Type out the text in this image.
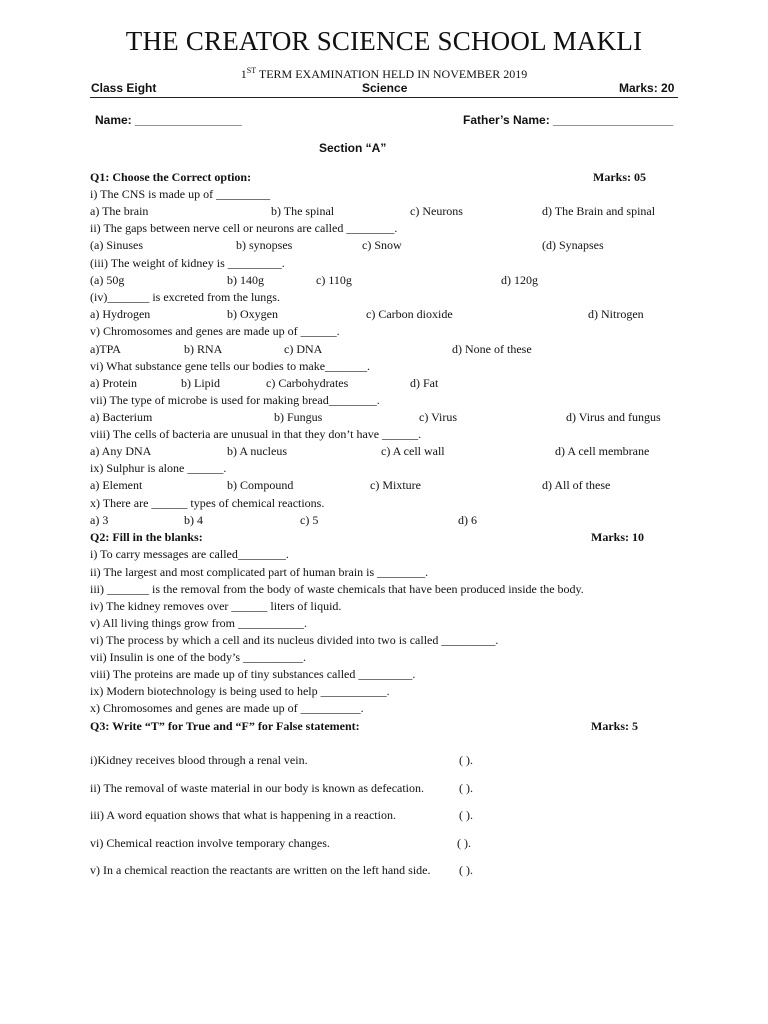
THE CREATOR SCIENCE SCHOOL MAKLI
1ST TERM EXAMINATION HELD IN NOVEMBER 2019
Class Eight	Science	Marks: 20
Name: ________________	Father’s Name: __________________
Section “A”
Q1: Choose the Correct option:	Marks: 05
i) The CNS is made up of _________
a) The brain	b) The spinal	c) Neurons	d) The Brain and spinal
ii) The gaps between nerve cell or neurons are called ________.
(a) Sinuses	b) synopses	c) Snow	(d) Synapses
(iii) The weight of kidney is _________.
(a) 50g	b) 140g	c) 110g	d) 120g
(iv)_______ is excreted from the lungs.
a) Hydrogen	b) Oxygen	c) Carbon dioxide	d) Nitrogen
v) Chromosomes and genes are made up of ______.
a)TPA	b) RNA	c) DNA	d) None of these
vi) What substance gene tells our bodies to make_______.
a) Protein	b) Lipid	c) Carbohydrates	d) Fat
vii) The type of microbe is used for making bread________.
a) Bacterium	b) Fungus	c) Virus	d) Virus and fungus
viii) The cells of bacteria are unusual in that they don’t have ______.
a) Any DNA	b) A nucleus	c) A cell wall	d) A cell membrane
ix) Sulphur is alone ______.
a) Element	b) Compound	c) Mixture	d) All of these
x) There are ______ types of chemical reactions.
a) 3	b) 4	c) 5	d) 6
Q2: Fill in the blanks:	Marks: 10
i) To carry messages are called________.
ii) The largest and most complicated part of human brain is ________.
iii) _______ is the removal from the body of waste chemicals that have been produced inside the body.
iv) The kidney removes over ______ liters of liquid.
v) All living things grow from ___________.
vi) The process by which a cell and its nucleus divided into two is called _________.
vii) Insulin is one of the body’s __________.
viii) The proteins are made up of tiny substances called _________.
ix) Modern biotechnology is being used to help ___________.
x) Chromosomes and genes are made up of __________.
Q3: Write “T” for True and “F” for False statement:	Marks: 5
i)Kidney receives blood through a renal vein.	( ).
ii) The removal of waste material in our body is known as defecation.	( ).
iii) A word equation shows that what is happening in a reaction.	( ).
vi) Chemical reaction involve temporary changes.	( ).
v) In a chemical reaction the reactants are written on the left hand side. ( ).
